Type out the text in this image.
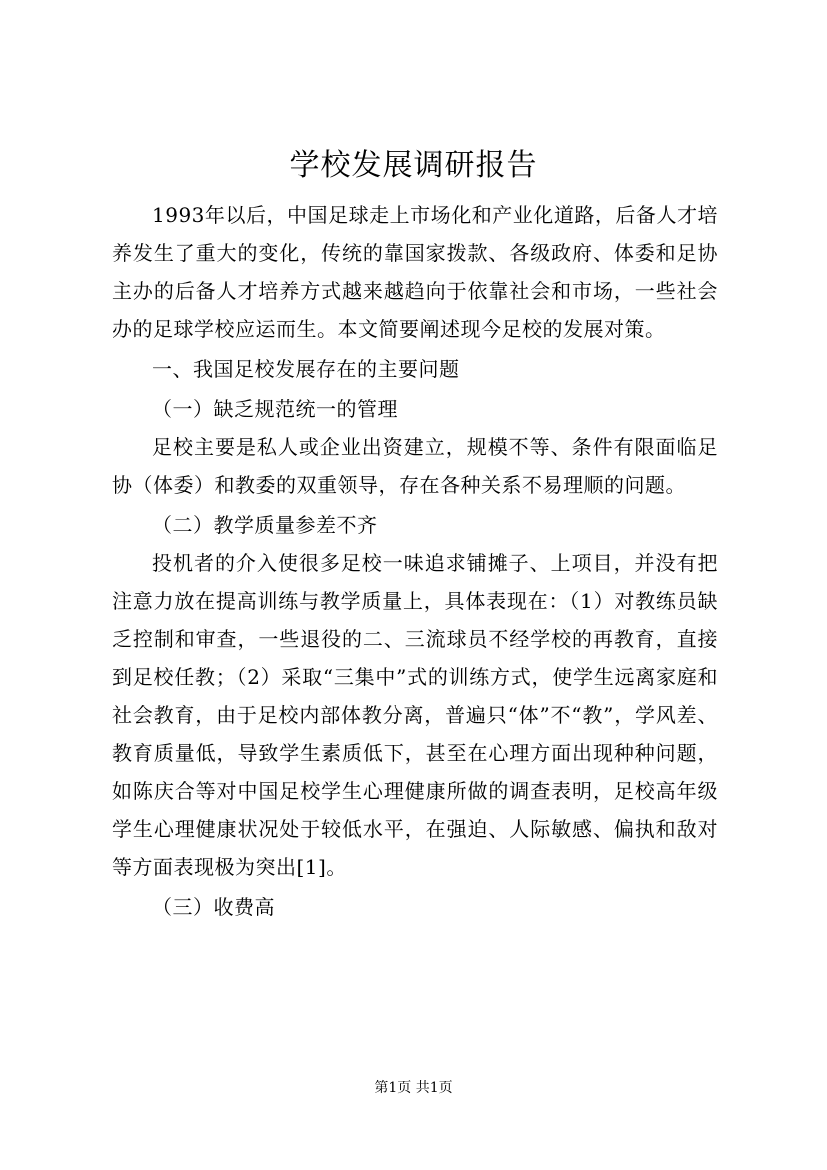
学校发展调研报告

1993年以后，中国足球走上市场化和产业化道路，后备人才培养发生了重大的变化，传统的靠国家拨款、各级政府、体委和足协主办的后备人才培养方式越来越趋向于依靠社会和市场，一些社会办的足球学校应运而生。本文简要阐述现今足校的发展对策。

一、我国足校发展存在的主要问题

（一）缺乏规范统一的管理

足校主要是私人或企业出资建立，规模不等、条件有限面临足协（体委）和教委的双重领导，存在各种关系不易理顺的问题。

（二）教学质量参差不齐

投机者的介入使很多足校一味追求铺摊子、上项目，并没有把注意力放在提高训练与教学质量上，具体表现在：（1）对教练员缺乏控制和审查，一些退役的二、三流球员不经学校的再教育，直接到足校任教；（2）采取“三集中”式的训练方式，使学生远离家庭和社会教育，由于足校内部体教分离，普遍只“体”不“教”，学风差、教育质量低，导致学生素质低下，甚至在心理方面出现种种问题，如陈庆合等对中国足校学生心理健康所做的调查表明，足校高年级学生心理健康状况处于较低水平，在强迫、人际敏感、偏执和敌对等方面表现极为突出[1]。

（三）收费高

第1页 共1页
